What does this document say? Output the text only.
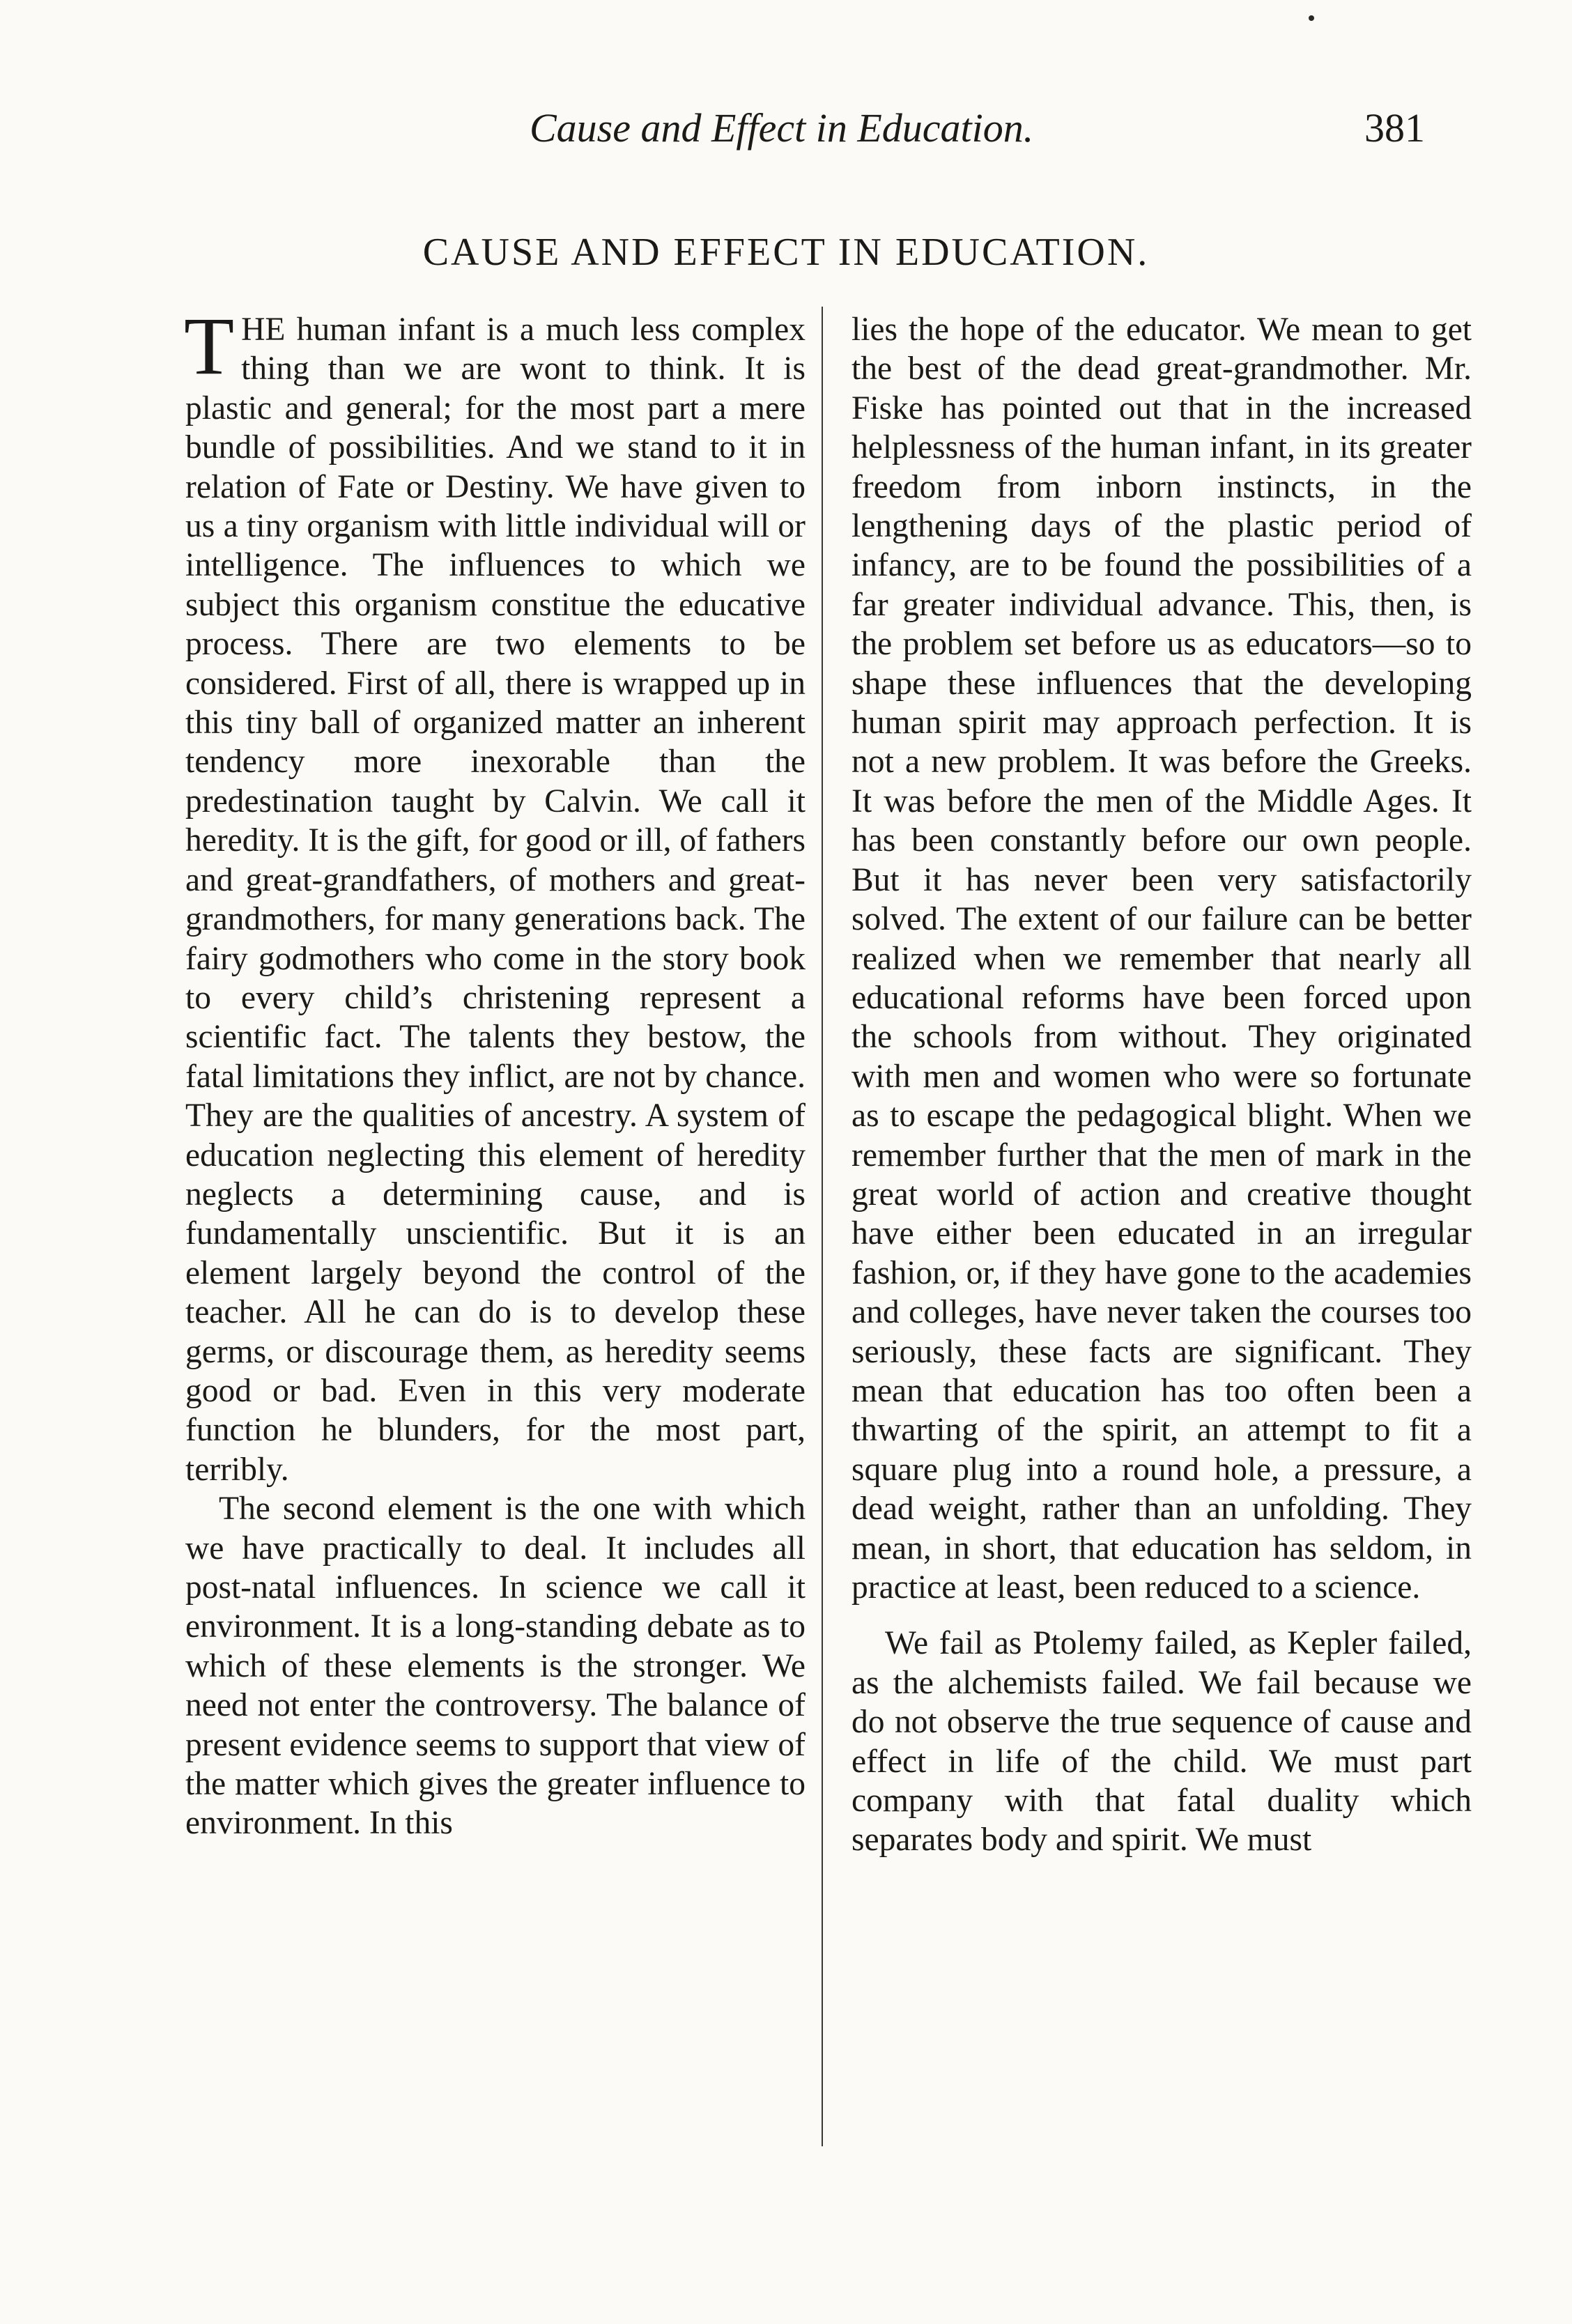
Cause and Effect in Education.	381
CAUSE AND EFFECT IN EDUCATION.

THE human infant is a much less complex thing than we are wont to think. It is plastic and general; for the most part a mere bundle of possibilities. And we stand to it in relation of Fate or Destiny. We have given to us a tiny organism with little individual will or intelligence. The influences to which we subject this organism constitue the educative process. There are two elements to be considered. First of all, there is wrapped up in this tiny ball of organized matter an inherent tendency more inexorable than the predestination taught by Calvin. We call it heredity. It is the gift, for good or ill, of fathers and great-grandfathers, of mothers and great-grandmothers, for many generations back. The fairy godmothers who come in the story book to every child’s christening represent a scientific fact. The talents they bestow, the fatal limitations they inflict, are not by chance. They are the qualities of ancestry. A system of education neglecting this element of heredity neglects a determining cause, and is fundamentally unscientific. But it is an element largely beyond the control of the teacher. All he can do is to develop these germs, or discourage them, as heredity seems good or bad. Even in this very moderate function he blunders, for the most part, terribly.

The second element is the one with which we have practically to deal. It includes all post-natal influences. In science we call it environment. It is a long-standing debate as to which of these elements is the stronger. We need not enter the controversy. The balance of present evidence seems to support that view of the matter which gives the greater influence to environment. In this

lies the hope of the educator. We mean to get the best of the dead great-grandmother. Mr. Fiske has pointed out that in the increased helplessness of the human infant, in its greater freedom from inborn instincts, in the lengthening days of the plastic period of infancy, are to be found the possibilities of a far greater individual advance. This, then, is the problem set before us as educators—so to shape these influences that the developing human spirit may approach perfection. It is not a new problem. It was before the Greeks. It was before the men of the Middle Ages. It has been constantly before our own people. But it has never been very satisfactorily solved. The extent of our failure can be better realized when we remember that nearly all educational reforms have been forced upon the schools from without. They originated with men and women who were so fortunate as to escape the pedagogical blight. When we remember further that the men of mark in the great world of action and creative thought have either been educated in an irregular fashion, or, if they have gone to the academies and colleges, have never taken the courses too seriously, these facts are significant. They mean that education has too often been a thwarting of the spirit, an attempt to fit a square plug into a round hole, a pressure, a dead weight, rather than an unfolding. They mean, in short, that education has seldom, in practice at least, been reduced to a science.

We fail as Ptolemy failed, as Kepler failed, as the alchemists failed. We fail because we do not observe the true sequence of cause and effect in life of the child. We must part company with that fatal duality which separates body and spirit. We must
